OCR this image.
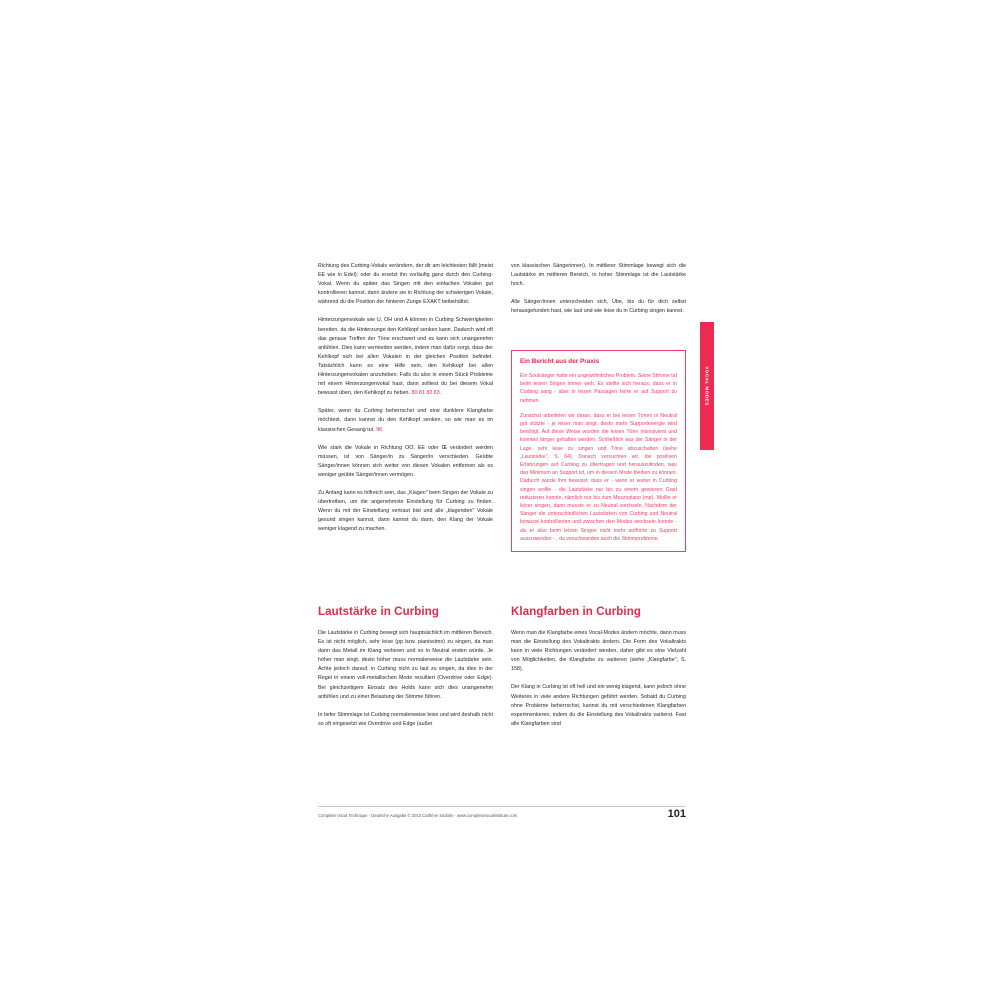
VOCAL MODES

Richtung des Curbing-Vokals verändern, der dir am leichtesten fällt (meist EE wie in Edel); oder du ersetzt ihn vorläufig ganz durch den Curbing-Vokal. Wenn du später das Singen mit den einfachen Vokalen gut kontrollieren kannst, dann ändere sie in Richtung der schwierigen Vokale, während du die Position der hinteren Zunge EXAKT beibehältst.

Hinterzungenvokale wie U, OH und A können in Curbing Schwierigkeiten bereiten, da die Hinterzunge den Kehlkopf senken kann. Dadurch wird oft das genaue Treffen der Töne erschwert und es kann sich unangenehm anfühlen. Dies kann vermieden werden, indem man dafür sorgt, dass der Kehlkopf sich bei allen Vokalen in der gleichen Position befindet. Tatsächlich kann es eine Hilfe sein, den Kehlkopf bei allen Hinterzungenvokalen anzuheben. Falls du also in einem Stück Probleme mit einem Hinterzungenvokal hast, dann solltest du bei diesem Vokal bewusst üben, den Kehlkopf zu heben. 80 81 82 83.

Später, wenn du Curbing beherrschst und eine dunklere Klangfarbe möchtest, dann kannst du den Kehlkopf senken, so wie man es im klassischen Gesang tut. 96

Wie stark die Vokale in Richtung OO, EE oder Œ verändert werden müssen, ist von Sänger/in zu Sänger/in verschieden. Geübte Sänger/innen können sich weiter von diesen Vokalen entfernen als es weniger geübte Sänger/innen vermögen.

Zu Anfang kann es hilfreich sein, das „Klagen" beim Singen der Vokale zu übertreiben, um die angenehmste Einstellung für Curbing zu finden. Wenn du mit der Einstellung vertraut bist und alle „klagenden" Vokale gesund singen kannst, dann kannst du dann, den Klang der Vokale weniger klagend zu machen.

von klassischen Sängerinnen). In mittlerer Stimmlage bewegt sich die Lautstärke im mittleren Bereich, in hoher Stimmlage ist die Lautstärke hoch.

Alle Sänger/innen unterscheiden sich, Übe, bis du für dich selbst herausgefunden hast, wie laut und wie leise du in Curbing singen kannst.

Ein Bericht aus der Praxis

Ein Soulsänger hatte ein ungewöhnliches Problem. Seine Stimme tat beim leisen Singen immer weh. Es stellte sich heraus, dass er in Curbing sang - aber in leisen Passagen hörte er auf Support zu nehmen.

Zunächst arbeiteten wir daran, dass er bei leisen Tönen in Neutral gut stützte - je leiser man singt, desto mehr Supportenergie wird benötigt. Auf diese Weise wurden die leisen Töne intensivient und konnten länger gehalten werden. Schließlich war der Sänger in der Lage, sehr leise zu singen und Töne abzuschatten (siehe „Lautstärke", S. 64). Danach versuchten wir, die positiven Erfahrungen auf Curbing zu übertragen und herauszufinden, was das Minimum an Support ist, um in diesem Mode bleiben zu können. Dadurch wurde ihm bewusst, dass er - wenn er weiter in Curbing singen wollte - die Lautstärke nur bis zu einem gewissen Grad reduzieren konnte, nämlich nur bis zum Mezzopiano (mp). Wollte er leiser singen, dann musste er zu Neutral wechseln. Nachdem der Sänger die unterschiedlichen Lautstärken von Curbing und Neutral bewusst kontrollierten und zwischen den Modes wechseln konnte - als er also beim leisen Singen nicht mehr aufhörte zu Support auszuwenden - , da verschwanden auch die Stimmprobleme.

Lautstärke in Curbing

Die Lautstärke in Curbing bewegt sich hauptsächlich im mittleren Bereich. Es ist nicht möglich, sehr leise (pp bzw. pianissimo) zu singen, da man dann das Metall im Klang verlieren und so in Neutral enden würde. Je höher man singt, desto höher muss normalerweise die Lautstärke sein. Achte jedoch darauf, in Curbing nicht zu laut zu singen, da dies in der Regel in einem voll-metallischen Mode resultiert (Overdrive oder Edge). Bei gleichzeitigem Einsatz des Holds kann sich dies unangenehm anfühlen und zu einer Belastung der Stimme führen.

In tiefer Stimmlage ist Curbing normalerweise leise und wird deshalb nicht so oft eingesetzt wie Overdrive und Edge (außer

Klangfarben in Curbing

Wenn man die Klangfarbe eines Vocal-Modes ändern möchte, dann muss man die Einstellung des Vokaltrakts ändern. Die Form des Vokaltrakts kann in viele Richtungen verändert werden, daher gibt es eine Vielzahl von Möglichkeiten, die Klangfarbe zu variieren (siehe „Klangfarbe", S. 158).

Der Klang in Curbing ist oft hell und ein wenig klagend, kann jedoch ohne Weiteres in viele andere Richtungen geführt werden. Sobald du Curbing ohne Probleme beherrschst, kannst du mit verschiedenen Klangfarben experimentieren, indem du die Einstellung des Vokaltrakts variierst. Fast alle Klangfarben sind

Complete Vocal Technique - Deutsche Ausgabe © 2013 Cathrine Sadolin - www.completevocalinstitute.com	101
